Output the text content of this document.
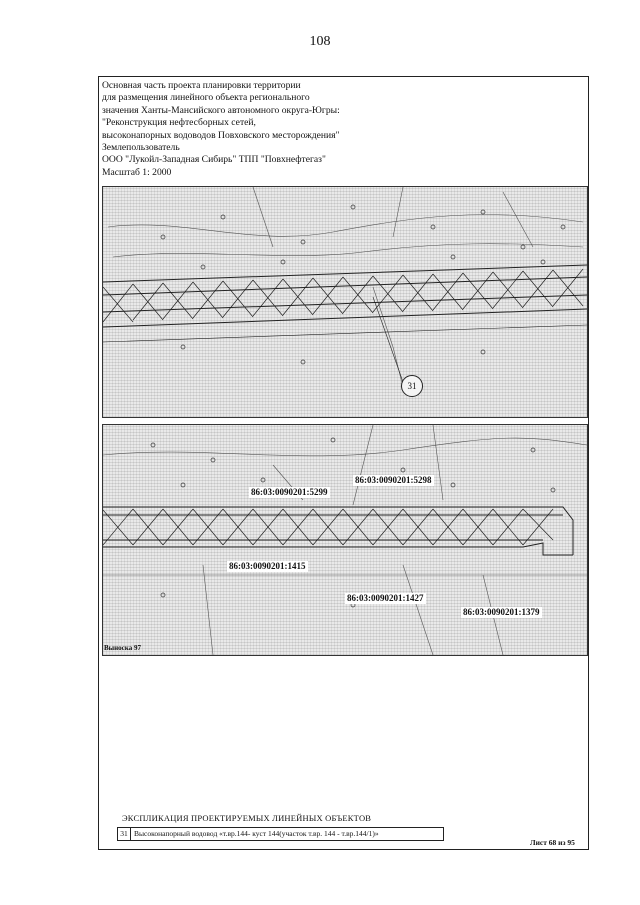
108
Основная часть проекта планировки территории
для размещения линейного объекта регионального
значения Ханты-Мансийского автономного округа-Югры:
"Реконструкция нефтесборных сетей,
высоконапорных водоводов Повховского месторождения"
Землепользователь
ООО "Лукойл-Западная Сибирь" ТПП "Повхнефтегаз"
Масштаб 1: 2000
31
86:03:0090201:5299
86:03:0090201:5298
86:03:0090201:1415
86:03:0090201:1427
86:03:0090201:1379
Выноска 97
ЭКСПЛИКАЦИЯ ПРОЕКТИРУЕМЫХ ЛИНЕЙНЫХ ОБЪЕКТОВ
31 Высоконапорный водовод «т.вр.144- куст 144(участок т.вр. 144 - т.вр.144/1)»
Лист 68 из 95
